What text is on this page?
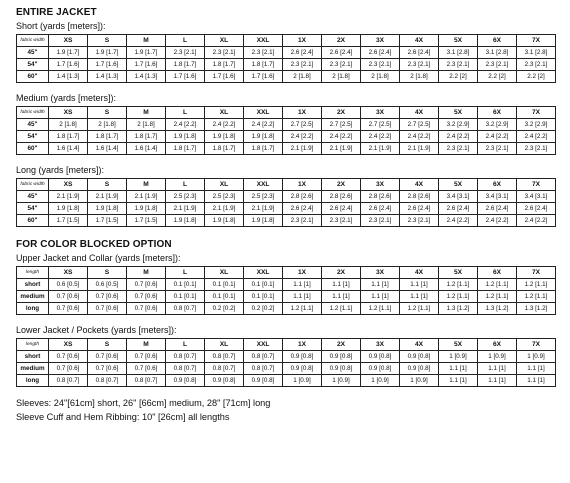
ENTIRE JACKET

Short (yards [meters]):

fabric width	XS	S	M	L	XL	XXL	1X	2X	3X	4X	5X	6X	7X
45"	1.9 [1.7]	1.9 [1.7]	1.9 [1.7]	2.3 [2.1]	2.3 [2.1]	2.3 [2.1]	2.6 [2.4]	2.6 [2.4]	2.6 [2.4]	2.6 [2.4]	3.1 [2.8]	3.1 [2.8]	3.1 [2.8]
54"	1.7 [1.6]	1.7 [1.6]	1.7 [1.6]	1.8 [1.7]	1.8 [1.7]	1.8 [1.7]	2.3 [2.1]	2.3 [2.1]	2.3 [2.1]	2.3 [2.1]	2.3 [2.1]	2.3 [2.1]	2.3 [2.1]
60"	1.4 [1.3]	1.4 [1.3]	1.4 [1.3]	1.7 [1.6]	1.7 [1.6]	1.7 [1.6]	2 [1.8]	2 [1.8]	2 [1.8]	2 [1.8]	2.2 [2]	2.2 [2]	2.2 [2]

Medium (yards [meters]):

fabric width	XS	S	M	L	XL	XXL	1X	2X	3X	4X	5X	6X	7X
45"	2 [1.8]	2 [1.8]	2 [1.8]	2.4 [2.2]	2.4 [2.2]	2.4 [2.2]	2.7 [2.5]	2.7 [2.5]	2.7 [2.5]	2.7 [2.5]	3.2 [2.9]	3.2 [2.9]	3.2 [2.9]
54"	1.8 [1.7]	1.8 [1.7]	1.8 [1.7]	1.9 [1.8]	1.9 [1.8]	1.9 [1.8]	2.4 [2.2]	2.4 [2.2]	2.4 [2.2]	2.4 [2.2]	2.4 [2.2]	2.4 [2.2]	2.4 [2.2]
60"	1.6 [1.4]	1.6 [1.4]	1.6 [1.4]	1.8 [1.7]	1.8 [1.7]	1.8 [1.7]	2.1 [1.9]	2.1 [1.9]	2.1 [1.9]	2.1 [1.9]	2.3 [2.1]	2.3 [2.1]	2.3 [2.1]

Long (yards [meters]):

fabric width	XS	S	M	L	XL	XXL	1X	2X	3X	4X	5X	6X	7X
45"	2.1 [1.9]	2.1 [1.9]	2.1 [1.9]	2.5 [2.3]	2.5 [2.3]	2.5 [2.3]	2.8 [2.6]	2.8 [2.6]	2.8 [2.6]	2.8 [2.6]	3.4 [3.1]	3.4 [3.1]	3.4 [3.1]
54"	1.9 [1.8]	1.9 [1.8]	1.9 [1.8]	2.1 [1.9]	2.1 [1.9]	2.1 [1.9]	2.6 [2.4]	2.6 [2.4]	2.6 [2.4]	2.6 [2.4]	2.6 [2.4]	2.6 [2.4]	2.6 [2.4]
60"	1.7 [1.5]	1.7 [1.5]	1.7 [1.5]	1.9 [1.8]	1.9 [1.8]	1.9 [1.8]	2.3 [2.1]	2.3 [2.1]	2.3 [2.1]	2.3 [2.1]	2.4 [2.2]	2.4 [2.2]	2.4 [2.2]

FOR COLOR BLOCKED OPTION

Upper Jacket and Collar (yards [meters]):

length	XS	S	M	L	XL	XXL	1X	2X	3X	4X	5X	6X	7X
short	0.6 [0.5]	0.6 [0.5]	0.7 [0.6]	0.1 [0.1]	0.1 [0.1]	0.1 [0.1]	1.1 [1]	1.1 [1]	1.1 [1]	1.1 [1]	1.2 [1.1]	1.2 [1.1]	1.2 [1.1]
medium	0.7 [0.6]	0.7 [0.6]	0.7 [0.6]	0.1 [0.1]	0.1 [0.1]	0.1 [0.1]	1.1 [1]	1.1 [1]	1.1 [1]	1.1 [1]	1.2 [1.1]	1.2 [1.1]	1.2 [1.1]
long	0.7 [0.6]	0.7 [0.6]	0.7 [0.6]	0.8 [0.7]	0.2 [0.2]	0.2 [0.2]	1.2 [1.1]	1.2 [1.1]	1.2 [1.1]	1.2 [1.1]	1.3 [1.2]	1.3 [1.2]	1.3 [1.2]

Lower Jacket / Pockets (yards [meters]):

length	XS	S	M	L	XL	XXL	1X	2X	3X	4X	5X	6X	7X
short	0.7 [0.6]	0.7 [0.6]	0.7 [0.6]	0.8 [0.7]	0.8 [0.7]	0.8 [0.7]	0.9 [0.8]	0.9 [0.8]	0.9 [0.8]	0.9 [0.8]	1 [0.9]	1 [0.9]	1 [0.9]
medium	0.7 [0.6]	0.7 [0.6]	0.7 [0.6]	0.8 [0.7]	0.8 [0.7]	0.8 [0.7]	0.9 [0.8]	0.9 [0.8]	0.9 [0.8]	0.9 [0.8]	1.1 [1]	1.1 [1]	1.1 [1]
long	0.8 [0.7]	0.8 [0.7]	0.8 [0.7]	0.9 [0.8]	0.9 [0.8]	0.9 [0.8]	1 [0.9]	1 [0.9]	1 [0.9]	1 [0.9]	1.1 [1]	1.1 [1]	1.1 [1]

Sleeves: 24"[61cm] short, 26" [66cm] medium, 28" [71cm] long

Sleeve Cuff and Hem Ribbing: 10" [26cm] all lengths
